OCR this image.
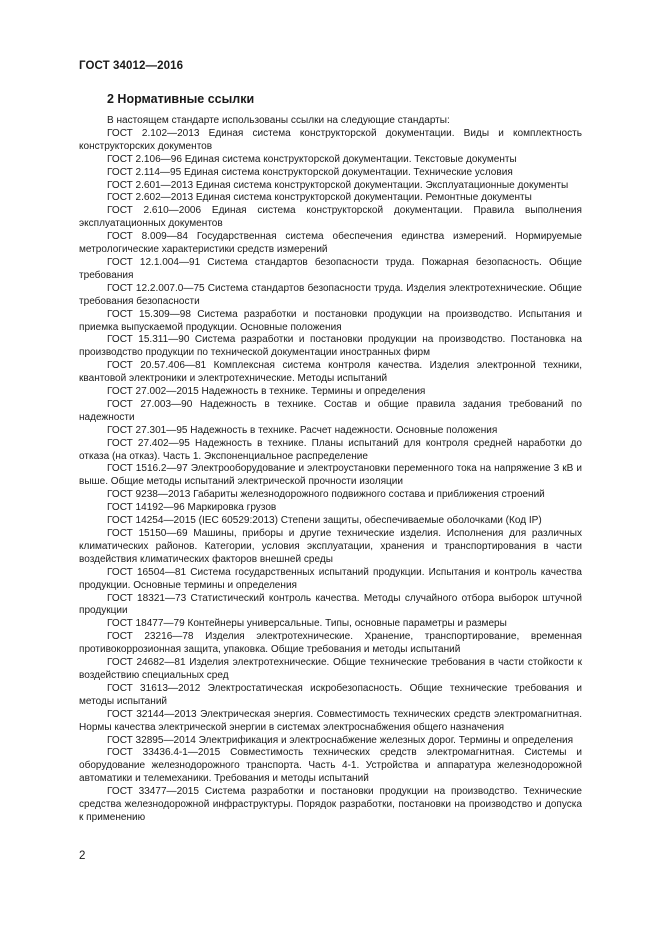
ГОСТ 34012—2016
2 Нормативные ссылки

В настоящем стандарте использованы ссылки на следующие стандарты:

ГОСТ 2.102—2013 Единая система конструкторской документации. Виды и комплектность конструкторских документов

ГОСТ 2.106—96 Единая система конструкторской документации. Текстовые документы

ГОСТ 2.114—95 Единая система конструкторской документации. Технические условия

ГОСТ 2.601—2013 Единая система конструкторской документации. Эксплуатационные документы

ГОСТ 2.602—2013 Единая система конструкторской документации. Ремонтные документы

ГОСТ 2.610—2006 Единая система конструкторской документации. Правила выполнения эксплуатационных документов

ГОСТ 8.009—84 Государственная система обеспечения единства измерений. Нормируемые метрологические характеристики средств измерений

ГОСТ 12.1.004—91 Система стандартов безопасности труда. Пожарная безопасность. Общие требования

ГОСТ 12.2.007.0—75 Система стандартов безопасности труда. Изделия электротехнические. Общие требования безопасности

ГОСТ 15.309—98 Система разработки и постановки продукции на производство. Испытания и приемка выпускаемой продукции. Основные положения

ГОСТ 15.311—90 Система разработки и постановки продукции на производство. Постановка на производство продукции по технической документации иностранных фирм

ГОСТ 20.57.406—81 Комплексная система контроля качества. Изделия электронной техники, квантовой электроники и электротехнические. Методы испытаний

ГОСТ 27.002—2015 Надежность в технике. Термины и определения

ГОСТ 27.003—90 Надежность в технике. Состав и общие правила задания требований по надежности

ГОСТ 27.301—95 Надежность в технике. Расчет надежности. Основные положения

ГОСТ 27.402—95 Надежность в технике. Планы испытаний для контроля средней наработки до отказа (на отказ). Часть 1. Экспоненциальное распределение

ГОСТ 1516.2—97 Электрооборудование и электроустановки переменного тока на напряжение 3 кВ и выше. Общие методы испытаний электрической прочности изоляции

ГОСТ 9238—2013 Габариты железнодорожного подвижного состава и приближения строений

ГОСТ 14192—96 Маркировка грузов

ГОСТ 14254—2015 (IEC 60529:2013) Степени защиты, обеспечиваемые оболочками (Код IP)

ГОСТ 15150—69 Машины, приборы и другие технические изделия. Исполнения для различных климатических районов. Категории, условия эксплуатации, хранения и транспортирования в части воздействия климатических факторов внешней среды

ГОСТ 16504—81 Система государственных испытаний продукции. Испытания и контроль качества продукции. Основные термины и определения

ГОСТ 18321—73 Статистический контроль качества. Методы случайного отбора выборок штучной продукции

ГОСТ 18477—79 Контейнеры универсальные. Типы, основные параметры и размеры

ГОСТ 23216—78 Изделия электротехнические. Хранение, транспортирование, временная противокоррозионная защита, упаковка. Общие требования и методы испытаний

ГОСТ 24682—81 Изделия электротехнические. Общие технические требования в части стойкости к воздействию специальных сред

ГОСТ 31613—2012 Электростатическая искробезопасность. Общие технические требования и методы испытаний

ГОСТ 32144—2013 Электрическая энергия. Совместимость технических средств электромагнитная. Нормы качества электрической энергии в системах электроснабжения общего назначения

ГОСТ 32895—2014 Электрификация и электроснабжение железных дорог. Термины и определения

ГОСТ 33436.4-1—2015 Совместимость технических средств электромагнитная. Системы и оборудование железнодорожного транспорта. Часть 4-1. Устройства и аппаратура железнодорожной автоматики и телемеханики. Требования и методы испытаний

ГОСТ 33477—2015 Система разработки и постановки продукции на производство. Технические средства железнодорожной инфраструктуры. Порядок разработки, постановки на производство и допуска к применению

2
